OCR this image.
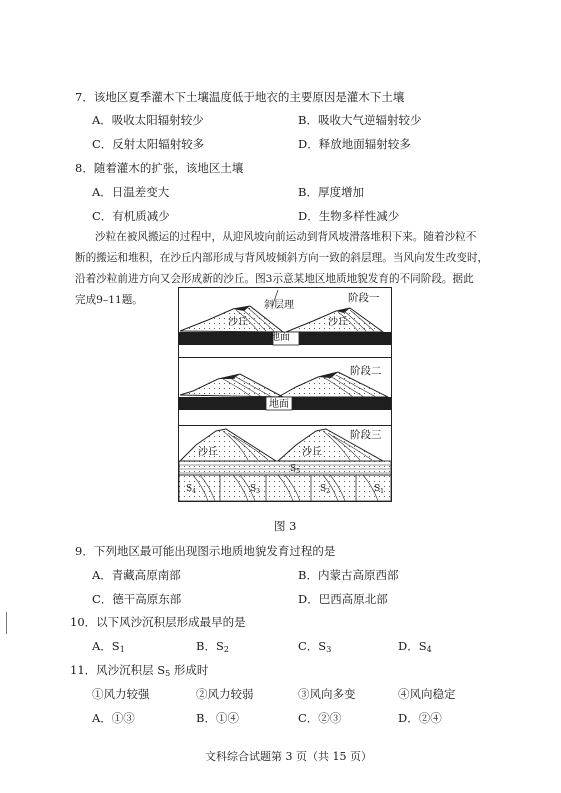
7．该地区夏季灌木下土壤温度低于地衣的主要原因是灌木下土壤
A．吸收太阳辐射较少	B．吸收大气逆辐射较少
C．反射太阳辐射较多	D．释放地面辐射较多
8．随着灌木的扩张，该地区土壤
A．日温差变大	B．厚度增加
C．有机质减少	D．生物多样性减少
沙粒在被风搬运的过程中，从迎风坡向前运动到背风坡滑落堆积下来。随着沙粒不
断的搬运和堆积，在沙丘内部形成与背风坡倾斜方向一致的斜层理。当风向发生改变时，
沿着沙粒前进方向又会形成新的沙丘。图3示意某地区地质地貌发育的不同阶段。据此
完成9–11题。
地面
阶段一
斜层理
沙丘	沙丘
地面
阶段二
阶段三
沙丘	沙丘
$S_5$
$S_4$	$S_3$	$S_2$	$S_1$
图 3
9．下列地区最可能出现图示地质地貌发育过程的是
A．青藏高原南部	B．内蒙古高原西部
C．德干高原东部	D．巴西高原北部
10．以下风沙沉积层形成最早的是
A．$S_1$	B．$S_2$	C．$S_3$	D．$S_4$
11．风沙沉积层 $S_5$ 形成时
①风力较强	②风力较弱	③风向多变	④风向稳定
A．①③	B．①④	C．②③	D．②④
文科综合试题第 3 页（共 15 页）
